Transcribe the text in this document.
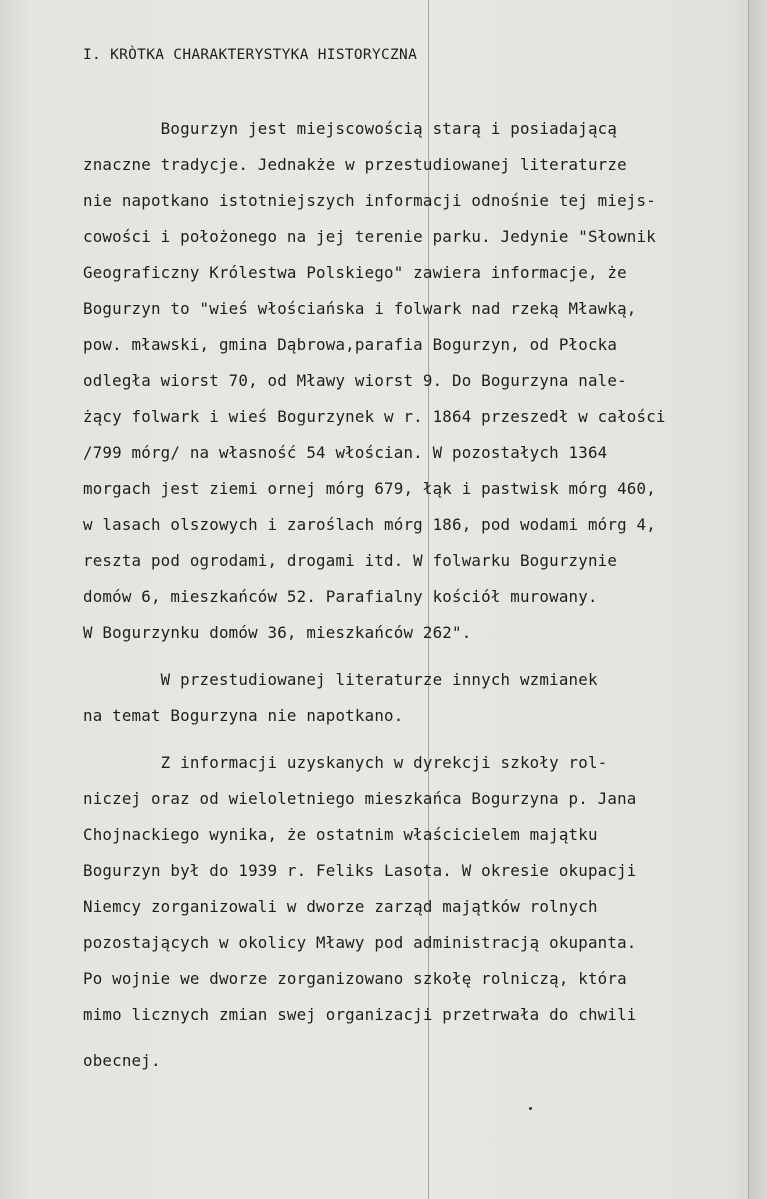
I. KRÒTKA CHARAKTERYSTYKA HISTORYCZNA
Bogurzyn jest miejscowością starą i posiadającą
znaczne tradycje. Jednakże w przestudiowanej literaturze
nie napotkano istotniejszych informacji odnośnie tej miejs-
cowości i położonego na jej terenie parku. Jedynie "Słownik
Geograficzny Królestwa Polskiego" zawiera informacje, że
Bogurzyn to "wieś włościańska i folwark nad rzeką Mławką,
pow. mławski, gmina Dąbrowa,parafia Bogurzyn, od Płocka
odległa wiorst 70, od Mławy wiorst 9. Do Bogurzyna nale-
żący folwark i wieś Bogurzynek w r. 1864 przeszedł w całości
/799 mórg/ na własność 54 włościan. W pozostałych 1364
morgach jest ziemi ornej mórg 679, łąk i pastwisk mórg 460,
w lasach olszowych i zaroślach mórg 186, pod wodami mórg 4,
reszta pod ogrodami, drogami itd. W folwarku Bogurzynie
domów 6, mieszkańców 52. Parafialny kościół murowany.
W Bogurzynku domów 36, mieszkańców 262".
W przestudiowanej literaturze innych wzmianek
na temat Bogurzyna nie napotkano.
Z informacji uzyskanych w dyrekcji szkoły rol-
niczej oraz od wieloletniego mieszkańca Bogurzyna p. Jana
Chojnackiego wynika, że ostatnim właścicielem majątku
Bogurzyn był do 1939 r. Feliks Lasota. W okresie okupacji
Niemcy zorganizowali w dworze zarząd majątków rolnych
pozostających w okolicy Mławy pod administracją okupanta.
Po wojnie we dworze zorganizowano szkołę rolniczą, która
mimo licznych zmian swej organizacji przetrwała do chwili
obecnej.
